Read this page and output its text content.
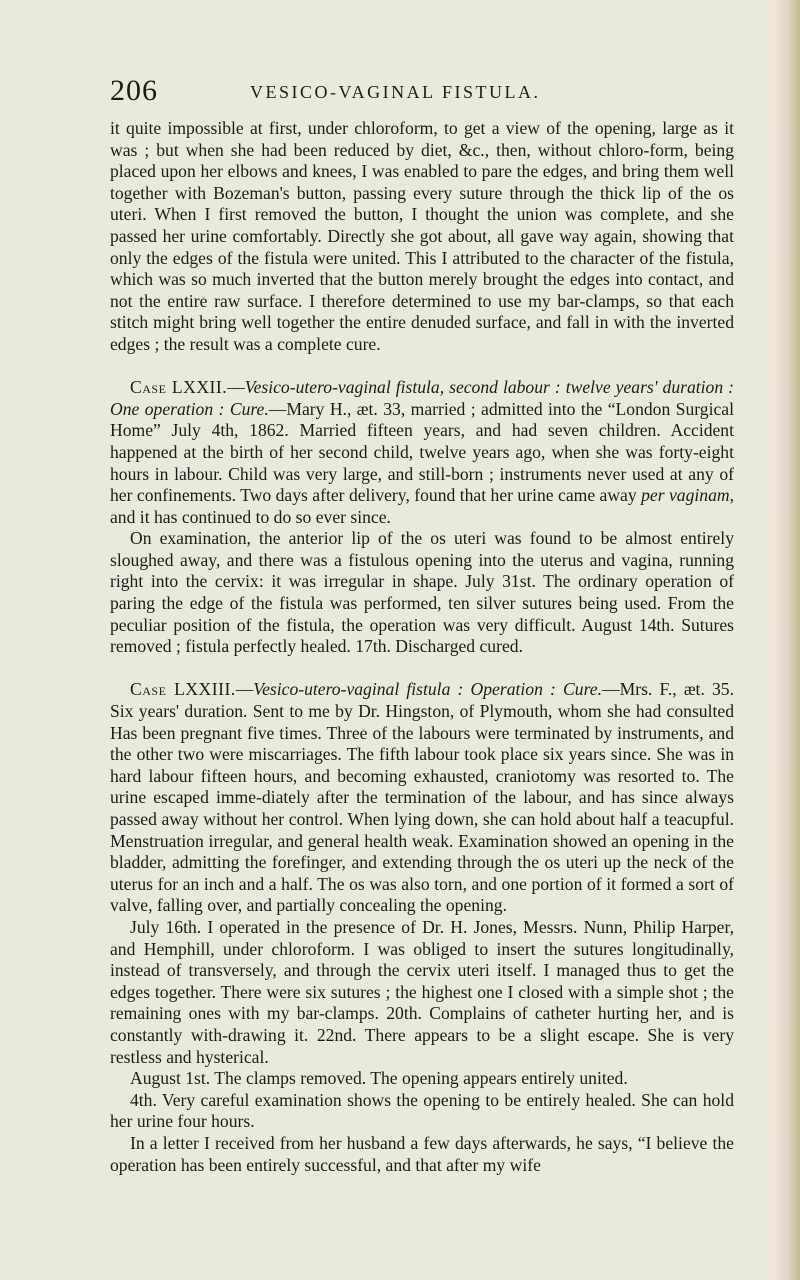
206	VESICO-VAGINAL FISTULA.

it quite impossible at first, under chloroform, to get a view of the opening, large as it was ; but when she had been reduced by diet, &c., then, without chloro-form, being placed upon her elbows and knees, I was enabled to pare the edges, and bring them well together with Bozeman's button, passing every suture through the thick lip of the os uteri. When I first removed the button, I thought the union was complete, and she passed her urine comfortably. Directly she got about, all gave way again, showing that only the edges of the fistula were united. This I attributed to the character of the fistula, which was so much inverted that the button merely brought the edges into contact, and not the entire raw surface. I therefore determined to use my bar-clamps, so that each stitch might bring well together the entire denuded surface, and fall in with the inverted edges ; the result was a complete cure.

Case LXXII.—Vesico-utero-vaginal fistula, second labour : twelve years' duration : One operation : Cure.—Mary H., æt. 33, married ; admitted into the “London Surgical Home” July 4th, 1862. Married fifteen years, and had seven children. Accident happened at the birth of her second child, twelve years ago, when she was forty-eight hours in labour. Child was very large, and still-born ; instruments never used at any of her confinements. Two days after delivery, found that her urine came away per vaginam, and it has continued to do so ever since.

On examination, the anterior lip of the os uteri was found to be almost entirely sloughed away, and there was a fistulous opening into the uterus and vagina, running right into the cervix: it was irregular in shape. July 31st. The ordinary operation of paring the edge of the fistula was performed, ten silver sutures being used. From the peculiar position of the fistula, the operation was very difficult. August 14th. Sutures removed ; fistula perfectly healed. 17th. Discharged cured.

Case LXXIII.—Vesico-utero-vaginal fistula : Operation : Cure.—Mrs. F., æt. 35. Six years' duration. Sent to me by Dr. Hingston, of Plymouth, whom she had consulted Has been pregnant five times. Three of the labours were terminated by instruments, and the other two were miscarriages. The fifth labour took place six years since. She was in hard labour fifteen hours, and becoming exhausted, craniotomy was resorted to. The urine escaped imme-diately after the termination of the labour, and has since always passed away without her control. When lying down, she can hold about half a teacupful. Menstruation irregular, and general health weak. Examination showed an opening in the bladder, admitting the forefinger, and extending through the os uteri up the neck of the uterus for an inch and a half. The os was also torn, and one portion of it formed a sort of valve, falling over, and partially concealing the opening.

July 16th. I operated in the presence of Dr. H. Jones, Messrs. Nunn, Philip Harper, and Hemphill, under chloroform. I was obliged to insert the sutures longitudinally, instead of transversely, and through the cervix uteri itself. I managed thus to get the edges together. There were six sutures ; the highest one I closed with a simple shot ; the remaining ones with my bar-clamps. 20th. Complains of catheter hurting her, and is constantly with-drawing it. 22nd. There appears to be a slight escape. She is very restless and hysterical.

August 1st. The clamps removed. The opening appears entirely united.

4th. Very careful examination shows the opening to be entirely healed. She can hold her urine four hours.

In a letter I received from her husband a few days afterwards, he says, “I believe the operation has been entirely successful, and that after my wife
